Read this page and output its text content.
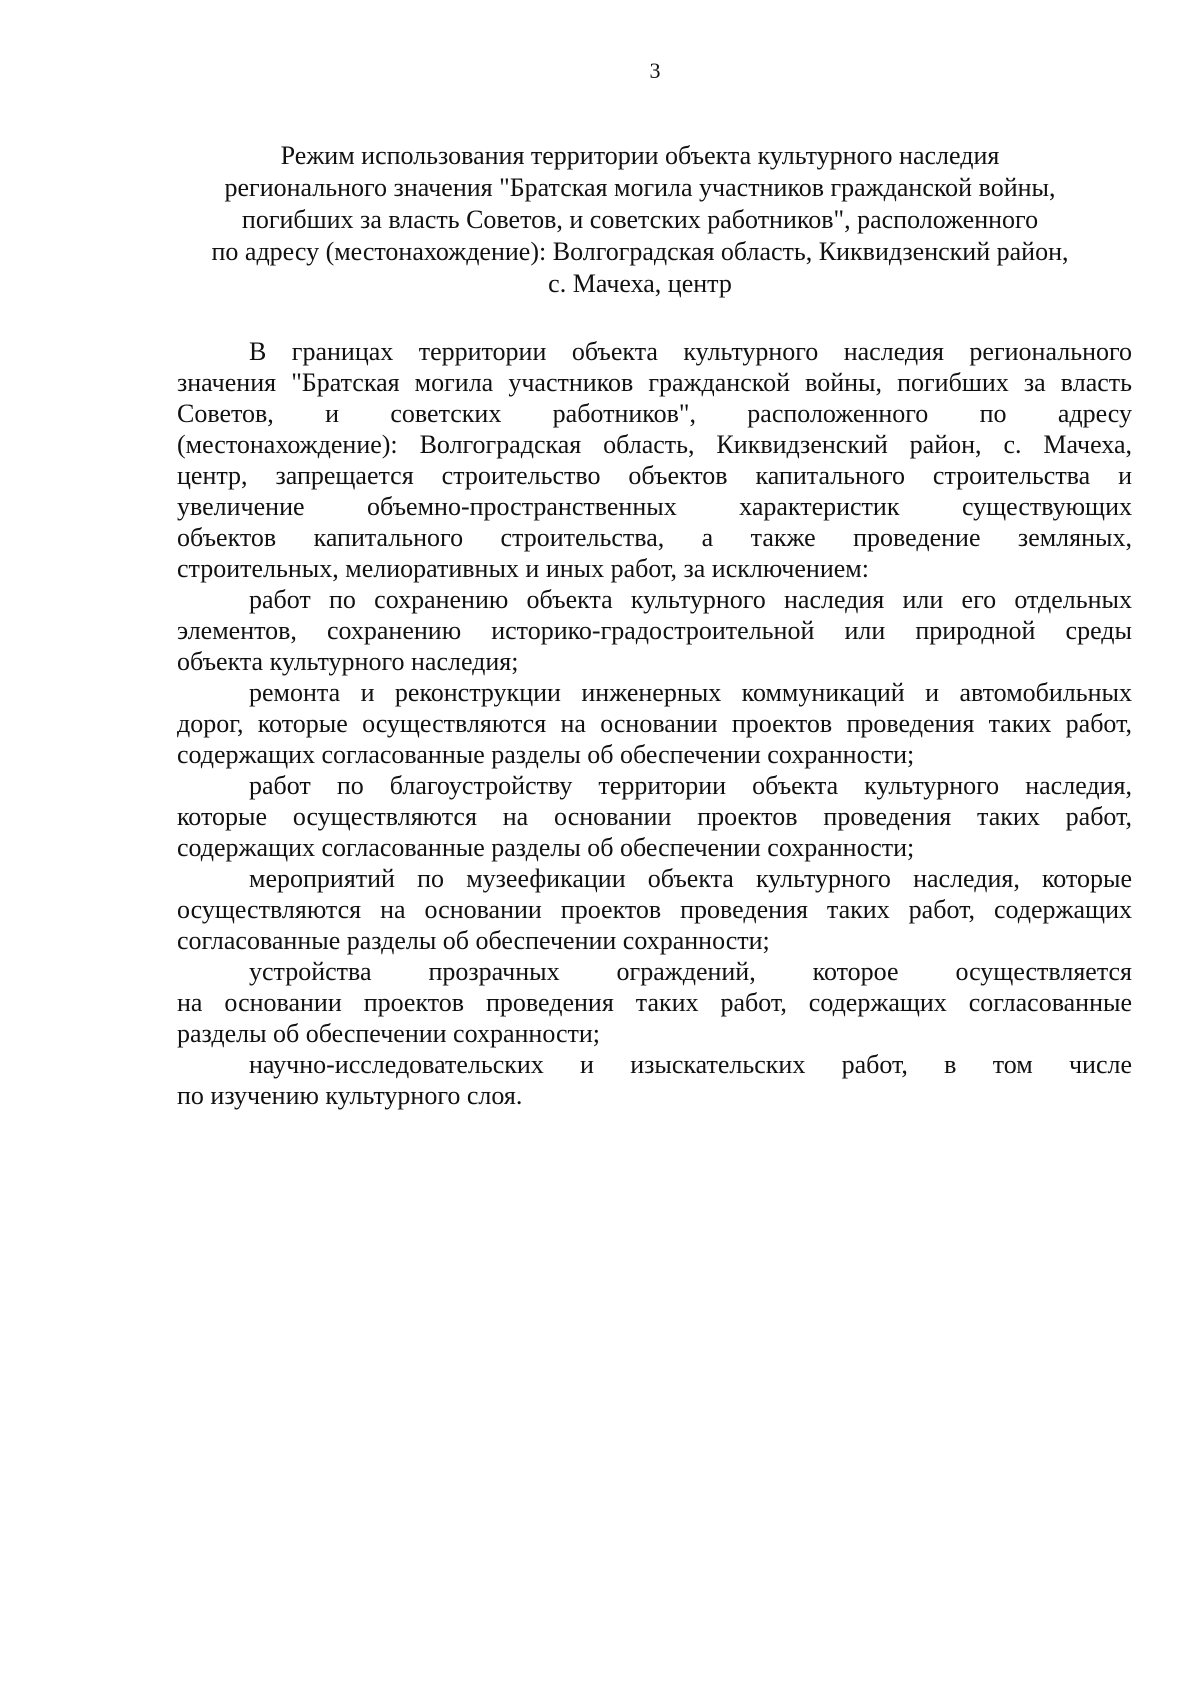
3
Режим использования территории объекта культурного наследия
регионального значения "Братская могила участников гражданской войны,
погибших за власть Советов, и советских работников", расположенного
по адресу (местонахождение): Волгоградская область, Киквидзенский район,
с. Мачеха, центр
В границах территории объекта культурного наследия регионального
значения "Братская могила участников гражданской войны, погибших за власть
Советов, и советских работников", расположенного по адресу
(местонахождение): Волгоградская область, Киквидзенский район, с. Мачеха,
центр, запрещается строительство объектов капитального строительства и
увеличение объемно-пространственных характеристик существующих
объектов капитального строительства, а также проведение земляных,
строительных, мелиоративных и иных работ, за исключением:
работ по сохранению объекта культурного наследия или его отдельных
элементов, сохранению историко-градостроительной или природной среды
объекта культурного наследия;
ремонта и реконструкции инженерных коммуникаций и автомобильных
дорог, которые осуществляются на основании проектов проведения таких работ,
содержащих согласованные разделы об обеспечении сохранности;
работ по благоустройству территории объекта культурного наследия,
которые осуществляются на основании проектов проведения таких работ,
содержащих согласованные разделы об обеспечении сохранности;
мероприятий по музеефикации объекта культурного наследия, которые
осуществляются на основании проектов проведения таких работ, содержащих
согласованные разделы об обеспечении сохранности;
устройства прозрачных ограждений, которое осуществляется
на основании проектов проведения таких работ, содержащих согласованные
разделы об обеспечении сохранности;
научно-исследовательских и изыскательских работ, в том числе
по изучению культурного слоя.
